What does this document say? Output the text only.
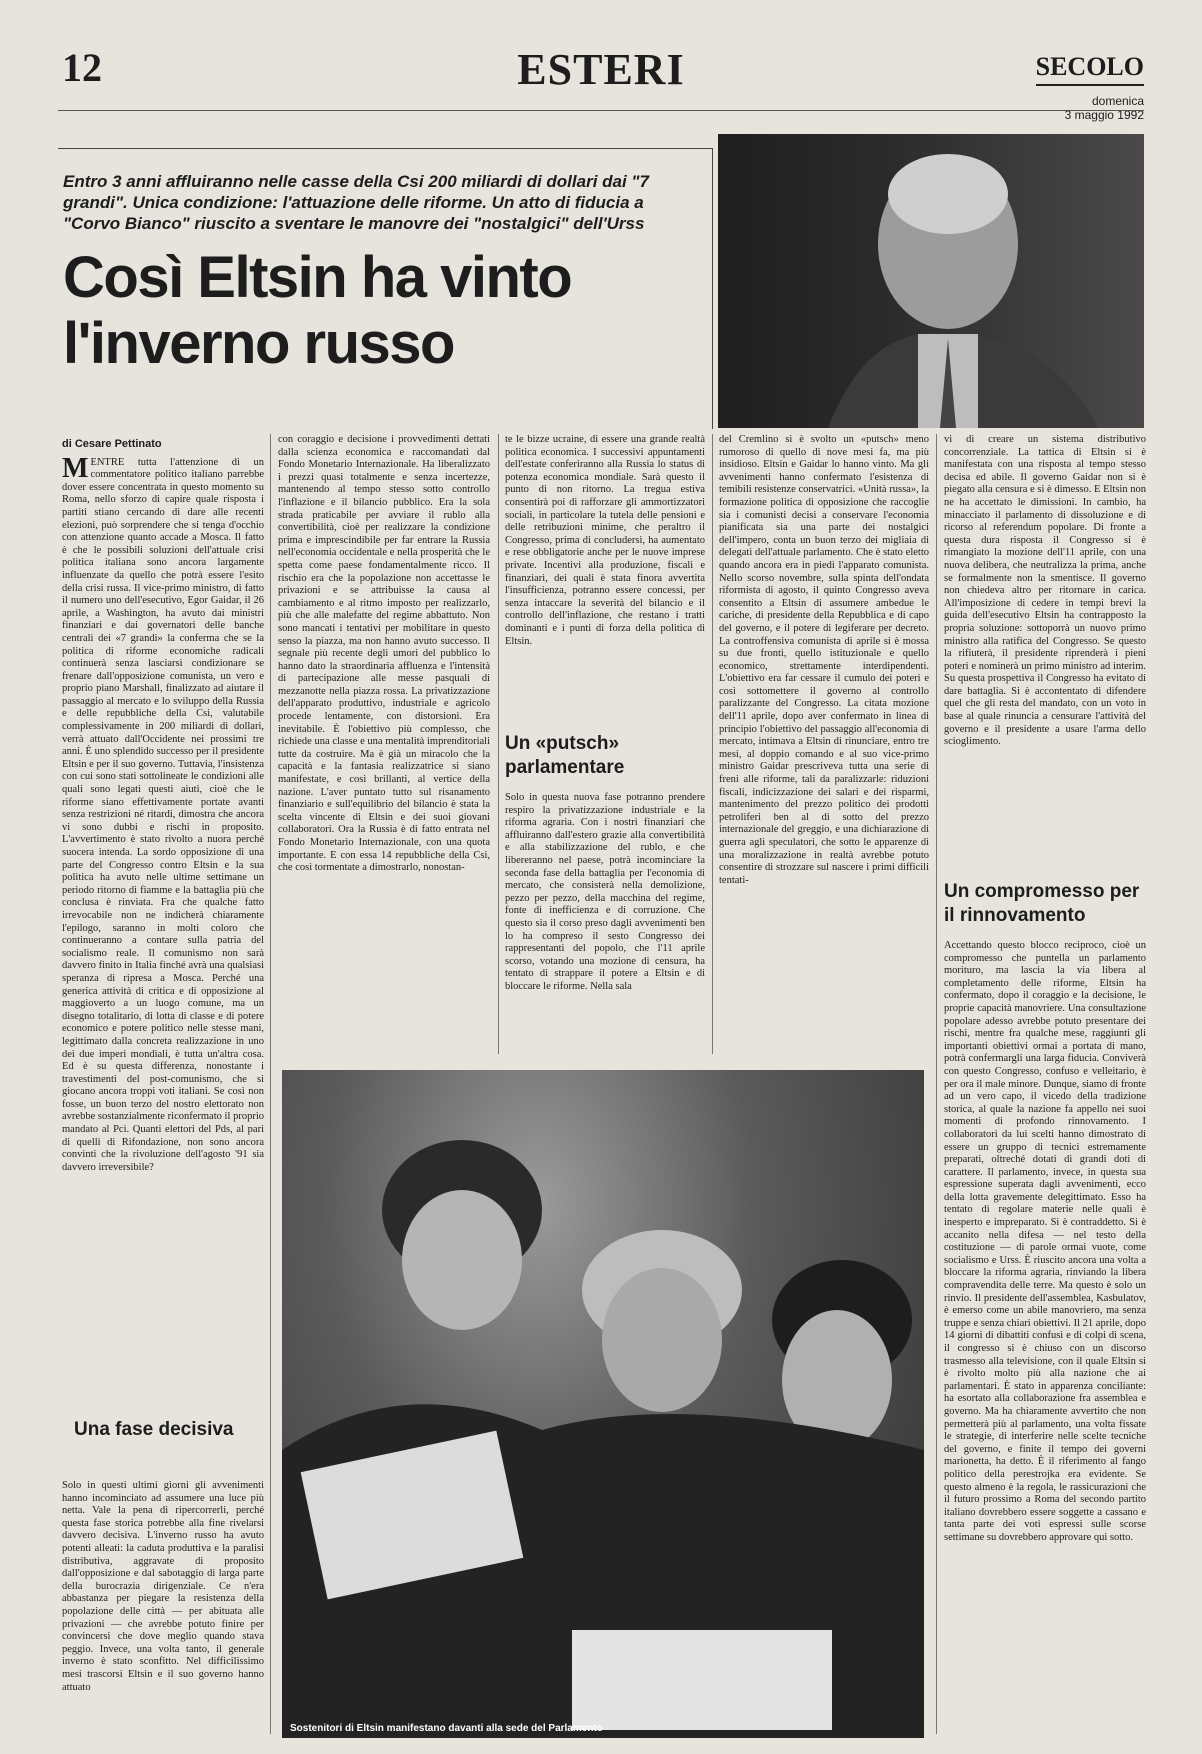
12	ESTERI	SECOLO
domenica
3 maggio 1992
Entro 3 anni affluiranno nelle casse della Csi 200 miliardi di dollari dai "7 grandi". Unica condizione: l'attuazione delle riforme. Un atto di fiducia a "Corvo Bianco" riuscito a sventare le manovre dei "nostalgici" dell'Urss
Così Eltsin ha vinto
l'inverno russo
di Cesare Pettinato
M ENTRE tutta l'attenzione di un commentatore politico italiano parrebbe dover essere concentrata in questo momento su Roma, nello sforzo di capire quale risposta i partiti stiano cercando di dare alle recenti elezioni, può sorprendere che si tenga d'occhio con attenzione quanto accade a Mosca. Il fatto è che le possibili soluzioni dell'attuale crisi politica italiana sono ancora largamente influenzate da quello che potrà essere l'esito della crisi russa. Il vice-primo ministro, di fatto il numero uno dell'esecutivo, Egor Gaidar, il 26 aprile, a Washington, ha avuto dai ministri finanziari e dai governatori delle banche centrali dei «7 grandi» la conferma che se la politica di riforme economiche radicali continuerà senza lasciarsi condizionare se frenare dall'opposizione comunista, un vero e proprio piano Marshall, finalizzato ad aiutare il passaggio al mercato e lo sviluppo della Russia e delle repubbliche della Csi, valutabile complessivamente in 200 miliardi di dollari, verrà attuato dall'Occidente nei prossimi tre anni. È uno splendido successo per il presidente Eltsin e per il suo governo. Tuttavia, l'insistenza con cui sono stati sottolineate le condizioni alle quali sono legati questi aiuti, cioè che le riforme siano effettivamente portate avanti senza restrizioni né ritardi, dimostra che ancora vi sono dubbi e rischi in proposito. L'avvertimento è stato rivolto a nuora perché suocera intenda. La sordo opposizione di una parte del Congresso contro Eltsin e la sua politica ha avuto nelle ultime settimane un periodo ritorno di fiamme e la battaglia più che conclusa è rinviata. Fra che qualche fatto irrevocabile non ne indicherà chiaramente l'epilogo, saranno in molti coloro che continueranno a contare sulla patria del socialismo reale. Il comunismo non sarà davvero finito in Italia finché avrà una qualsiasi speranza di ripresa a Mosca. Perché una generica attività di critica e di opposizione al maggioverto a un luogo comune, ma un disegno totalitario, di lotta di classe e di potere economico e potere politico nelle stesse mani, legittimato dalla concreta realizzazione in uno dei due imperi mondiali, è tutta un'altra cosa. Ed è su questa differenza, nonostante i travestimenti del post-comunismo, che si giocano ancora troppi voti italiani. Se così non fosse, un buon terzo del nostro elettorato non avrebbe sostanzialmente riconfermato il proprio mandato al Pci. Quanti elettori del Pds, al pari di quelli di Rifondazione, non sono ancora convinti che la rivoluzione dell'agosto '91 sia davvero irreversibile?
Una fase decisiva
Solo in questi ultimi giorni gli avvenimenti hanno incominciato ad assumere una luce più netta. Vale la pena di ripercorrerli, perché questa fase storica potrebbe alla fine rivelarsi davvero decisiva. L'inverno russo ha avuto potenti alleati: la caduta produttiva e la paralisi distributiva, aggravate di proposito dall'opposizione e dal sabotaggio di larga parte della burocrazia dirigenziale. Ce n'era abbastanza per piegare la resistenza della popolazione delle città — per abituata alle privazioni — che avrebbe potuto finire per convincersi che dove meglio quando stava peggio. Invece, una volta tanto, il generale inverno è stato sconfitto. Nel difficilissimo mesi trascorsi Eltsin e il suo governo hanno attuato
con coraggio e decisione i provvedimenti dettati dalla scienza economica e raccomandati dal Fondo Monetario Internazionale. Ha liberalizzato i prezzi quasi totalmente e senza incertezze, mantenendo al tempo stesso sotto controllo l'inflazione e il bilancio pubblico. Era la sola strada praticabile per avviare il rublo alla convertibilità, cioè per realizzare la condizione prima e imprescindibile per far entrare la Russia nell'economia occidentale e nella prosperità che le spetta come paese fondamentalmente ricco. Il rischio era che la popolazione non accettasse le privazioni e se attribuisse la causa al cambiamento e al ritmo imposto per realizzarlo, più che alle malefatte del regime abbattuto. Non sono mancati i tentativi per mobilitare in questo senso la piazza, ma non hanno avuto successo. Il segnale più recente degli umori del pubblico lo hanno dato la straordinaria affluenza e l'intensità di partecipazione alle messe pasquali di mezzanotte nella piazza rossa. La privatizzazione dell'apparato produttivo, industriale e agricolo procede lentamente, con distorsioni. Era inevitabile. È l'obiettivo più complesso, che richiede una classe e una mentalità imprenditoriali tutte da costruire. Ma è già un miracolo che la capacità e la fantasia realizzatrice si siano manifestate, e così brillanti, al vertice della nazione. L'aver puntato tutto sul risanamento finanziario e sull'equilibrio del bilancio è stata la scelta vincente di Eltsin e dei suoi giovani collaboratori. Ora la Russia è di fatto entrata nel Fondo Monetario Internazionale, con una quota importante. E con essa 14 repubbliche della Csi, che così tormentate a dimostrarlo, nonostan-
te le bizze ucraine, di essere una grande realtà politica economica. I successivi appuntamenti dell'estate conferiranno alla Russia lo status di potenza economica mondiale. Sarà questo il punto di non ritorno. La tregua estiva consentirà poi di rafforzare gli ammortizzatori sociali, in particolare la tutela delle pensioni e delle retribuzioni minime, che peraltro il Congresso, prima di concludersi, ha aumentato e rese obbligatorie anche per le nuove imprese private. Incentivi alla produzione, fiscali e finanziari, dei quali è stata finora avvertita l'insufficienza, potranno essere concessi, per senza intaccare la severità del bilancio e il controllo dell'inflazione, che restano i tratti dominanti e i punti di forza della politica di Eltsin.
Un «putsch» parlamentare
Solo in questa nuova fase potranno prendere respiro la privatizzazione industriale e la riforma agraria. Con i nostri finanziari che affluiranno dall'estero grazie alla convertibilità e alla stabilizzazione del rublo, e che libereranno nel paese, potrà incominciare la seconda fase della battaglia per l'economia di mercato, che consisterà nella demolizione, pezzo per pezzo, della macchina del regime, fonte di inefficienza e di corruzione. Che questo sia il corso preso dagli avvenimenti ben lo ha compreso il sesto Congresso dei rappresentanti del popolo, che l'11 aprile scorso, votando una mozione di censura, ha tentato di strappare il potere a Eltsin e di bloccare le riforme. Nella sala
del Cremlino si è svolto un «putsch» meno rumoroso di quello di nove mesi fa, ma più insidioso. Eltsin e Gaidar lo hanno vinto. Ma gli avvenimenti hanno confermato l'esistenza di temibili resistenze conservatrici. «Unità russa», la formazione politica di opposizione che raccoglie sia i comunisti decisi a conservare l'economia pianificata sia una parte dei nostalgici dell'impero, conta un buon terzo dei migliaia di delegati dell'attuale parlamento. Che è stato eletto quando ancora era in piedi l'apparato comunista. Nello scorso novembre, sulla spinta dell'ondata riformista di agosto, il quinto Congresso aveva consentito a Eltsin di assumere ambedue le cariche, di presidente della Repubblica e di capo del governo, e il potere di legiferare per decreto. La controffensiva comunista di aprile si è mossa su due fronti, quello istituzionale e quello economico, strettamente interdipendenti. L'obiettivo era far cessare il cumulo dei poteri e così sottomettere il governo al controllo paralizzante del Congresso. La citata mozione dell'11 aprile, dopo aver confermato in linea di principio l'obiettivo del passaggio all'economia di mercato, intimava a Eltsin di rinunciare, entro tre mesi, al doppio comando e al suo vice-primo ministro Gaidar prescriveva tutta una serie di freni alle riforme, tali da paralizzarle: riduzioni fiscali, indicizzazione dei salari e dei risparmi, mantenimento del prezzo politico dei prodotti petroliferi ben al di sotto del prezzo internazionale del greggio, e una dichiarazione di guerra agli speculatori, che sotto le apparenze di una moralizzazione in realtà avrebbe potuto consentire di strozzare sul nascere i primi difficili tentati-
vi di creare un sistema distributivo concorrenziale. La tattica di Eltsin si è manifestata con una risposta al tempo stesso decisa ed abile. Il governo Gaidar non si è piegato alla censura e si è dimesso. E Eltsin non ne ha accettato le dimissioni. In cambio, ha minacciato il parlamento di dissoluzione e di ricorso al referendum popolare. Di fronte a questa dura risposta il Congresso si è rimangiato la mozione dell'11 aprile, con una nuova delibera, che neutralizza la prima, anche se formalmente non la smentisce. Il governo non chiedeva altro per ritornare in carica. All'imposizione di cedere in tempi brevi la guida dell'esecutivo Eltsin ha contrapposto la propria soluzione: sottoporrà un nuovo primo ministro alla ratifica del Congresso. Se questo la rifiuterà, il presidente riprenderà i pieni poteri e nominerà un primo ministro ad interim. Su questa prospettiva il Congresso ha evitato di dare battaglia. Si è accontentato di difendere quel che gli resta del mandato, con un voto in base al quale rinuncia a censurare l'attività del governo e il presidente a usare l'arma dello scioglimento.
Un compromesso per il rinnovamento
Accettando questo blocco reciproco, cioè un compromesso che puntella un parlamento morituro, ma lascia la via libera al completamento delle riforme, Eltsin ha confermato, dopo il coraggio e la decisione, le proprie capacità manovriere. Una consultazione popolare adesso avrebbe potuto presentare dei rischi, mentre fra qualche mese, raggiunti gli importanti obiettivi ormai a portata di mano, potrà confermargli una larga fiducia. Conviverà con questo Congresso, confuso e velleitario, è per ora il male minore. Dunque, siamo di fronte ad un vero capo, il vicedo della tradizione storica, al quale la nazione fa appello nei suoi momenti di profondo rinnovamento. I collaboratori da lui scelti hanno dimostrato di essere un gruppo di tecnici estremamente preparati, oltreché dotati di grandi doti di carattere. Il parlamento, invece, in questa sua espressione superata dagli avvenimenti, ecco della lotta gravemente delegittimato. Esso ha tentato di regolare materie nelle quali è inesperto e impreparato. Si è contraddetto. Si è accanito nella difesa — nel testo della costituzione — di parole ormai vuote, come socialismo e Urss. È riuscito ancora una volta a bloccare la riforma agraria, rinviando la libera compravendita delle terre. Ma questo è solo un rinvio. Il presidente dell'assemblea, Kasbulatov, è emerso come un abile manovriero, ma senza truppe e senza chiari obiettivi. Il 21 aprile, dopo 14 giorni di dibattiti confusi e di colpi di scena, il congresso si è chiuso con un discorso trasmesso alla televisione, con il quale Eltsin si è rivolto molto più alla nazione che ai parlamentari. È stato in apparenza conciliante: ha esortato alla collaborazione fra assemblea e governo. Ma ha chiaramente avvertito che non permetterà più al parlamento, una volta fissate le strategie, di interferire nelle scelte tecniche del governo, e finite il tempo dei governi marionetta, ha detto. È il riferimento al fango politico della perestrojka era evidente. Se questo almeno è la regola, le rassicurazioni che il futuro prossimo a Roma del secondo partito italiano dovrebbero essere soggette a cassano e tanta parte dei voti espressi sulle scorse settimane su dovrebbero approvare qui sotto.
Sostenitori di Eltsin manifestano davanti alla sede del Parlamento
